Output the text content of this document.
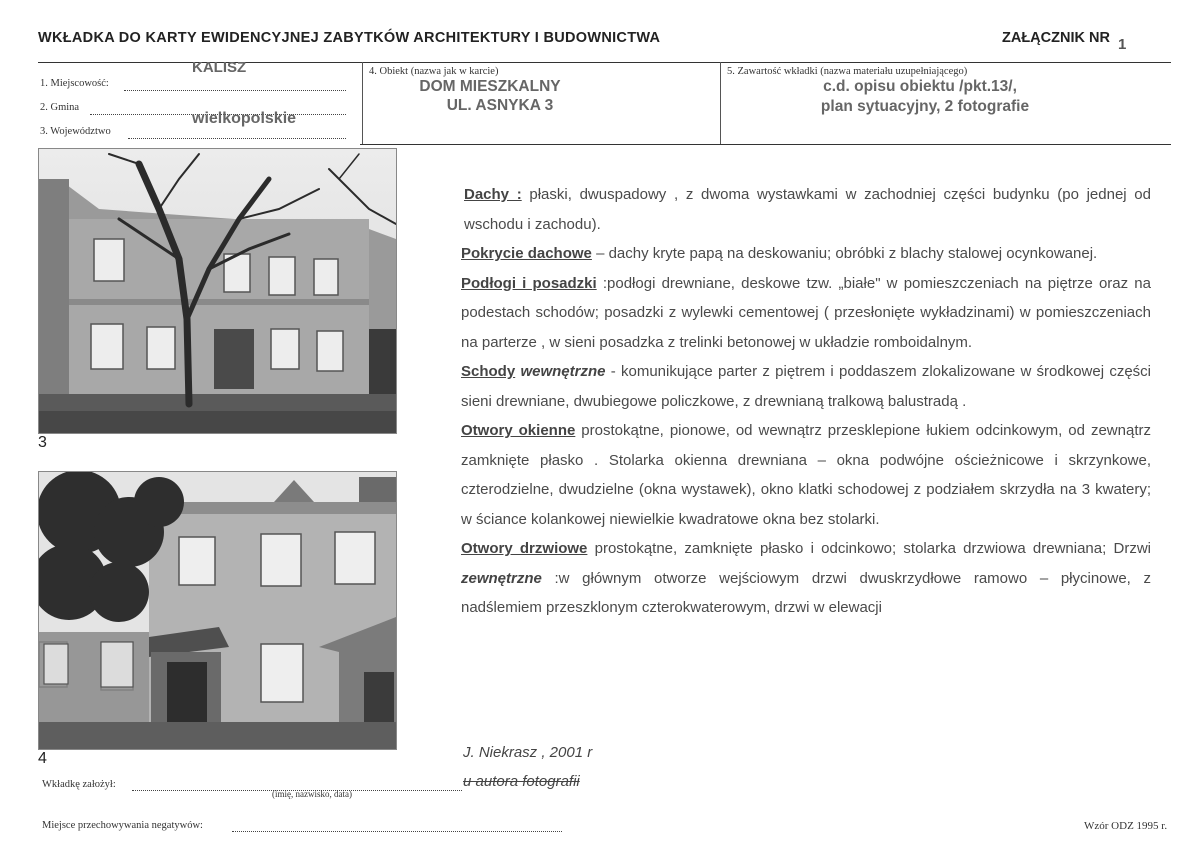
WKŁADKA DO KARTY EWIDENCYJNEJ ZABYTKÓW ARCHITEKTURY I BUDOWNICTWA	ZAŁĄCZNIK NR 1
1. Miejscowość:
KALISZ
2. Gmina
3. Województwo
wielkopolskie
4. Obiekt (nazwa jak w karcie)
DOM MIESZKALNY
UL. ASNYKA 3
5. Zawartość wkładki (nazwa materiału uzupełniającego)
c.d. opisu obiektu /pkt.13/,
plan sytuacyjny, 2 fotografie
3
4

Dachy : płaski, dwuspadowy , z dwoma wystawkami w zachodniej części budynku (po jednej od wschodu i zachodu).

Pokrycie dachowe – dachy kryte papą na deskowaniu; obróbki z blachy stalowej ocynkowanej.

Podłogi i posadzki :podłogi drewniane, deskowe tzw. „białe" w pomieszczeniach na piętrze oraz na podestach schodów; posadzki z wylewki cementowej ( przesłonięte wykładzinami) w pomieszczeniach na parterze , w sieni posadzka z trelinki betonowej w układzie romboidalnym.

Schody wewnętrzne - komunikujące parter z piętrem i poddaszem zlokalizowane w środkowej części sieni drewniane, dwubiegowe policzkowe, z drewnianą tralkową balustradą .

Otwory okienne prostokątne, pionowe, od wewnątrz przesklepione łukiem odcinkowym, od zewnątrz zamknięte płasko . Stolarka okienna drewniana – okna podwójne ościeżnicowe i skrzynkowe, czterodzielne, dwudzielne (okna wystawek), okno klatki schodowej z podziałem skrzydła na 3 kwatery; w ściance kolankowej niewielkie kwadratowe okna bez stolarki.

Otwory drzwiowe prostokątne, zamknięte płasko i odcinkowo; stolarka drzwiowa drewniana; Drzwi zewnętrzne :w głównym otworze wejściowym drzwi dwuskrzydłowe ramowo – płycinowe, z nadślemiem przeszklonym czterokwaterowym, drzwi w elewacji

J. Niekrasz , 2001 r
u autora fotografii
Wkładkę założył:
(imię, nazwisko, data)
Miejsce przechowywania negatywów:	Wzór ODZ 1995 r.
